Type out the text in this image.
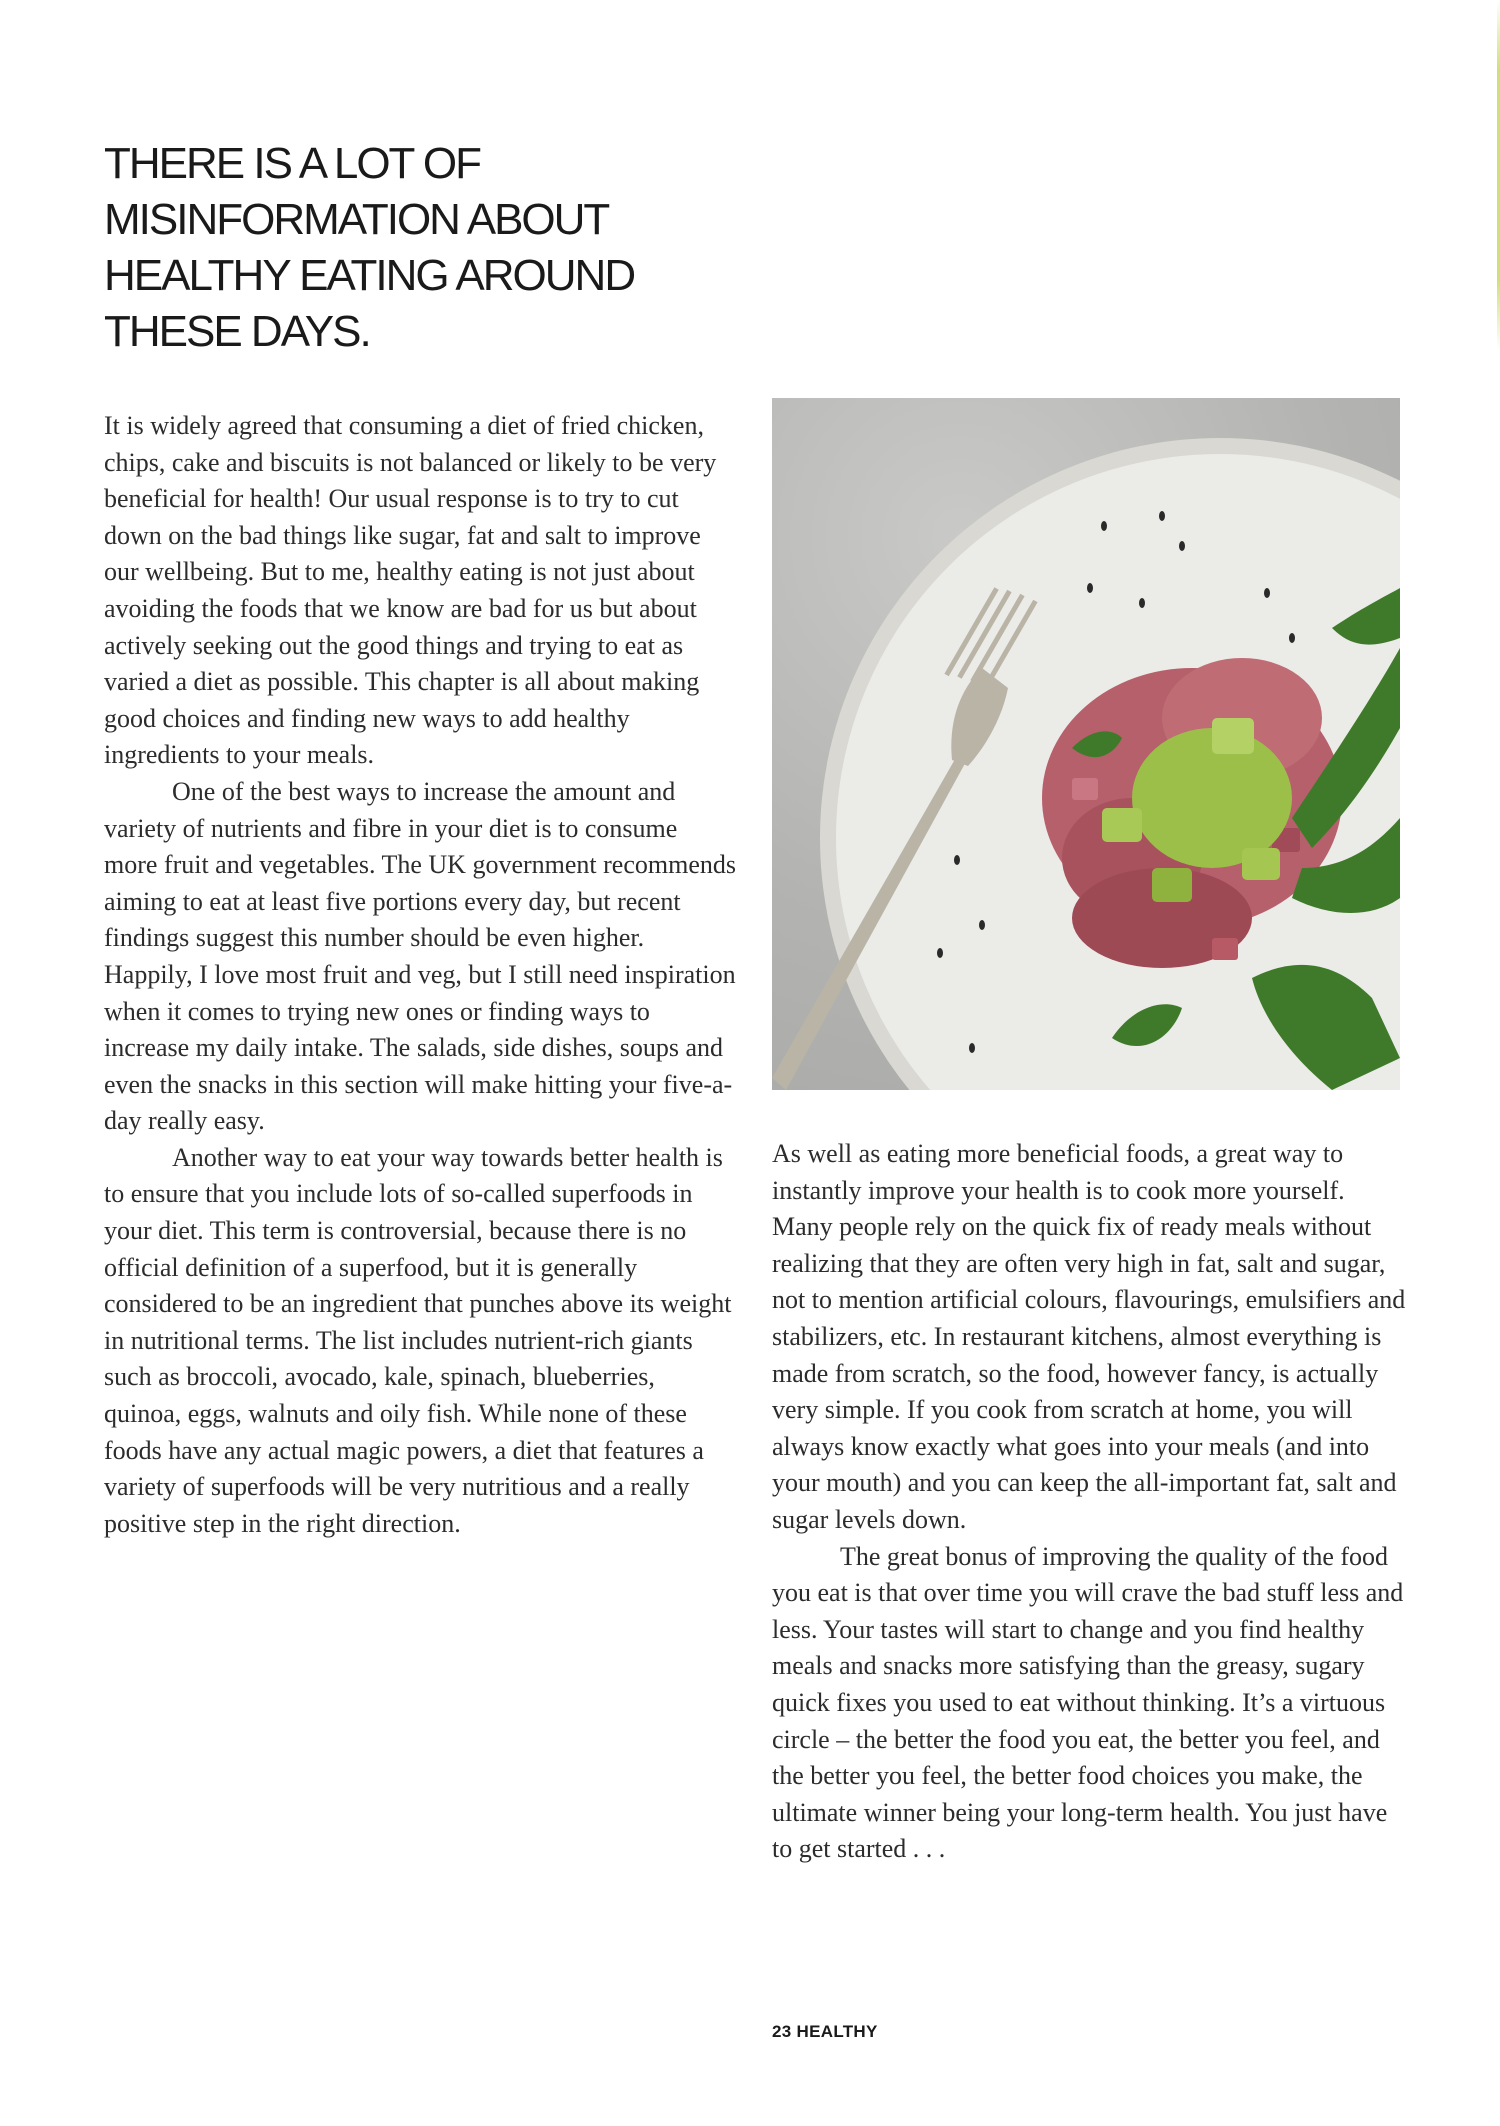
THERE IS A LOT OF MISINFORMATION ABOUT HEALTHY EATING AROUND THESE DAYS.

It is widely agreed that consuming a diet of fried chicken, chips, cake and biscuits is not balanced or likely to be very beneficial for health! Our usual response is to try to cut down on the bad things like sugar, fat and salt to improve our wellbeing. But to me, healthy eating is not just about avoiding the foods that we know are bad for us but about actively seeking out the good things and trying to eat as varied a diet as possible. This chapter is all about making good choices and finding new ways to add healthy ingredients to your meals.

One of the best ways to increase the amount and variety of nutrients and fibre in your diet is to consume more fruit and vegetables. The UK government recommends aiming to eat at least five portions every day, but recent findings suggest this number should be even higher. Happily, I love most fruit and veg, but I still need inspiration when it comes to trying new ones or finding ways to increase my daily intake. The salads, side dishes, soups and even the snacks in this section will make hitting your five-a-day really easy.

Another way to eat your way towards better health is to ensure that you include lots of so-called superfoods in your diet. This term is controversial, because there is no official definition of a superfood, but it is generally considered to be an ingredient that punches above its weight in nutritional terms. The list includes nutrient-rich giants such as broccoli, avocado, kale, spinach, blueberries, quinoa, eggs, walnuts and oily fish. While none of these foods have any actual magic powers, a diet that features a variety of superfoods will be very nutritious and a really positive step in the right direction.

As well as eating more beneficial foods, a great way to instantly improve your health is to cook more yourself. Many people rely on the quick fix of ready meals without realizing that they are often very high in fat, salt and sugar, not to mention artificial colours, flavourings, emulsifiers and stabilizers, etc. In restaurant kitchens, almost everything is made from scratch, so the food, however fancy, is actually very simple. If you cook from scratch at home, you will always know exactly what goes into your meals (and into your mouth) and you can keep the all-important fat, salt and sugar levels down.

The great bonus of improving the quality of the food you eat is that over time you will crave the bad stuff less and less. Your tastes will start to change and you find healthy meals and snacks more satisfying than the greasy, sugary quick fixes you used to eat without thinking. It’s a virtuous circle – the better the food you eat, the better you feel, and the better you feel, the better food choices you make, the ultimate winner being your long-term health. You just have to get started . . .

23 HEALTHY
